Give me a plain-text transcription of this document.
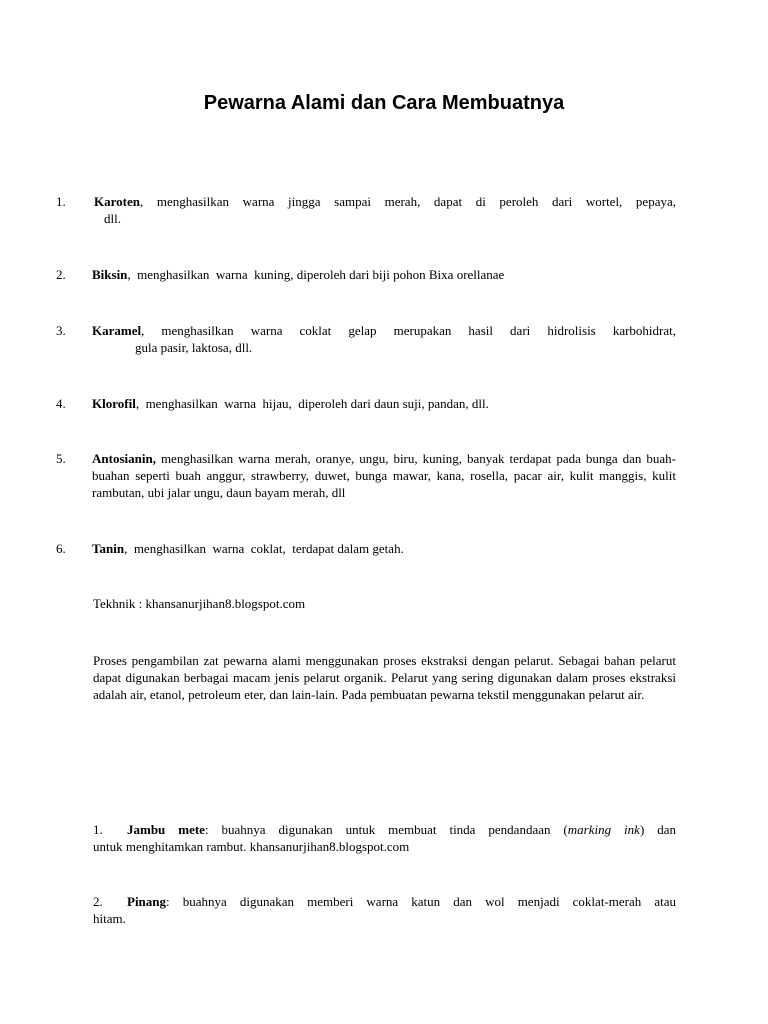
Pewarna Alami dan Cara Membuatnya
1. Karoten, menghasilkan warna jingga sampai merah, dapat di peroleh dari wortel, pepaya,
dll.
2. Biksin,  menghasilkan  warna  kuning, diperoleh dari biji pohon Bixa orellanae
3. Karamel, menghasilkan warna coklat gelap merupakan hasil dari hidrolisis karbohidrat,
gula pasir, laktosa, dll.
4. Klorofil,  menghasilkan  warna  hijau,  diperoleh dari daun suji, pandan, dll.
5. Antosianin, menghasilkan warna merah, oranye, ungu, biru, kuning, banyak terdapat pada bunga dan buah-buahan seperti buah anggur, strawberry, duwet, bunga mawar, kana, rosella, pacar air, kulit manggis, kulit rambutan, ubi jalar ungu, daun bayam merah, dll
6. Tanin,  menghasilkan  warna  coklat,  terdapat dalam getah.
Tekhnik : khansanurjihan8.blogspot.com
Proses pengambilan zat pewarna alami menggunakan proses ekstraksi dengan pelarut. Sebagai bahan pelarut dapat digunakan berbagai macam jenis pelarut organik. Pelarut yang sering digunakan dalam proses ekstraksi adalah air, etanol, petroleum eter, dan lain-lain. Pada pembuatan pewarna tekstil menggunakan pelarut air.
1. Jambu mete: buahnya digunakan untuk membuat tinda pendandaan (marking ink) dan
untuk menghitamkan rambut. khansanurjihan8.blogspot.com
2. Pinang: buahnya digunakan memberi warna katun dan wol menjadi coklat-merah atau
hitam.
